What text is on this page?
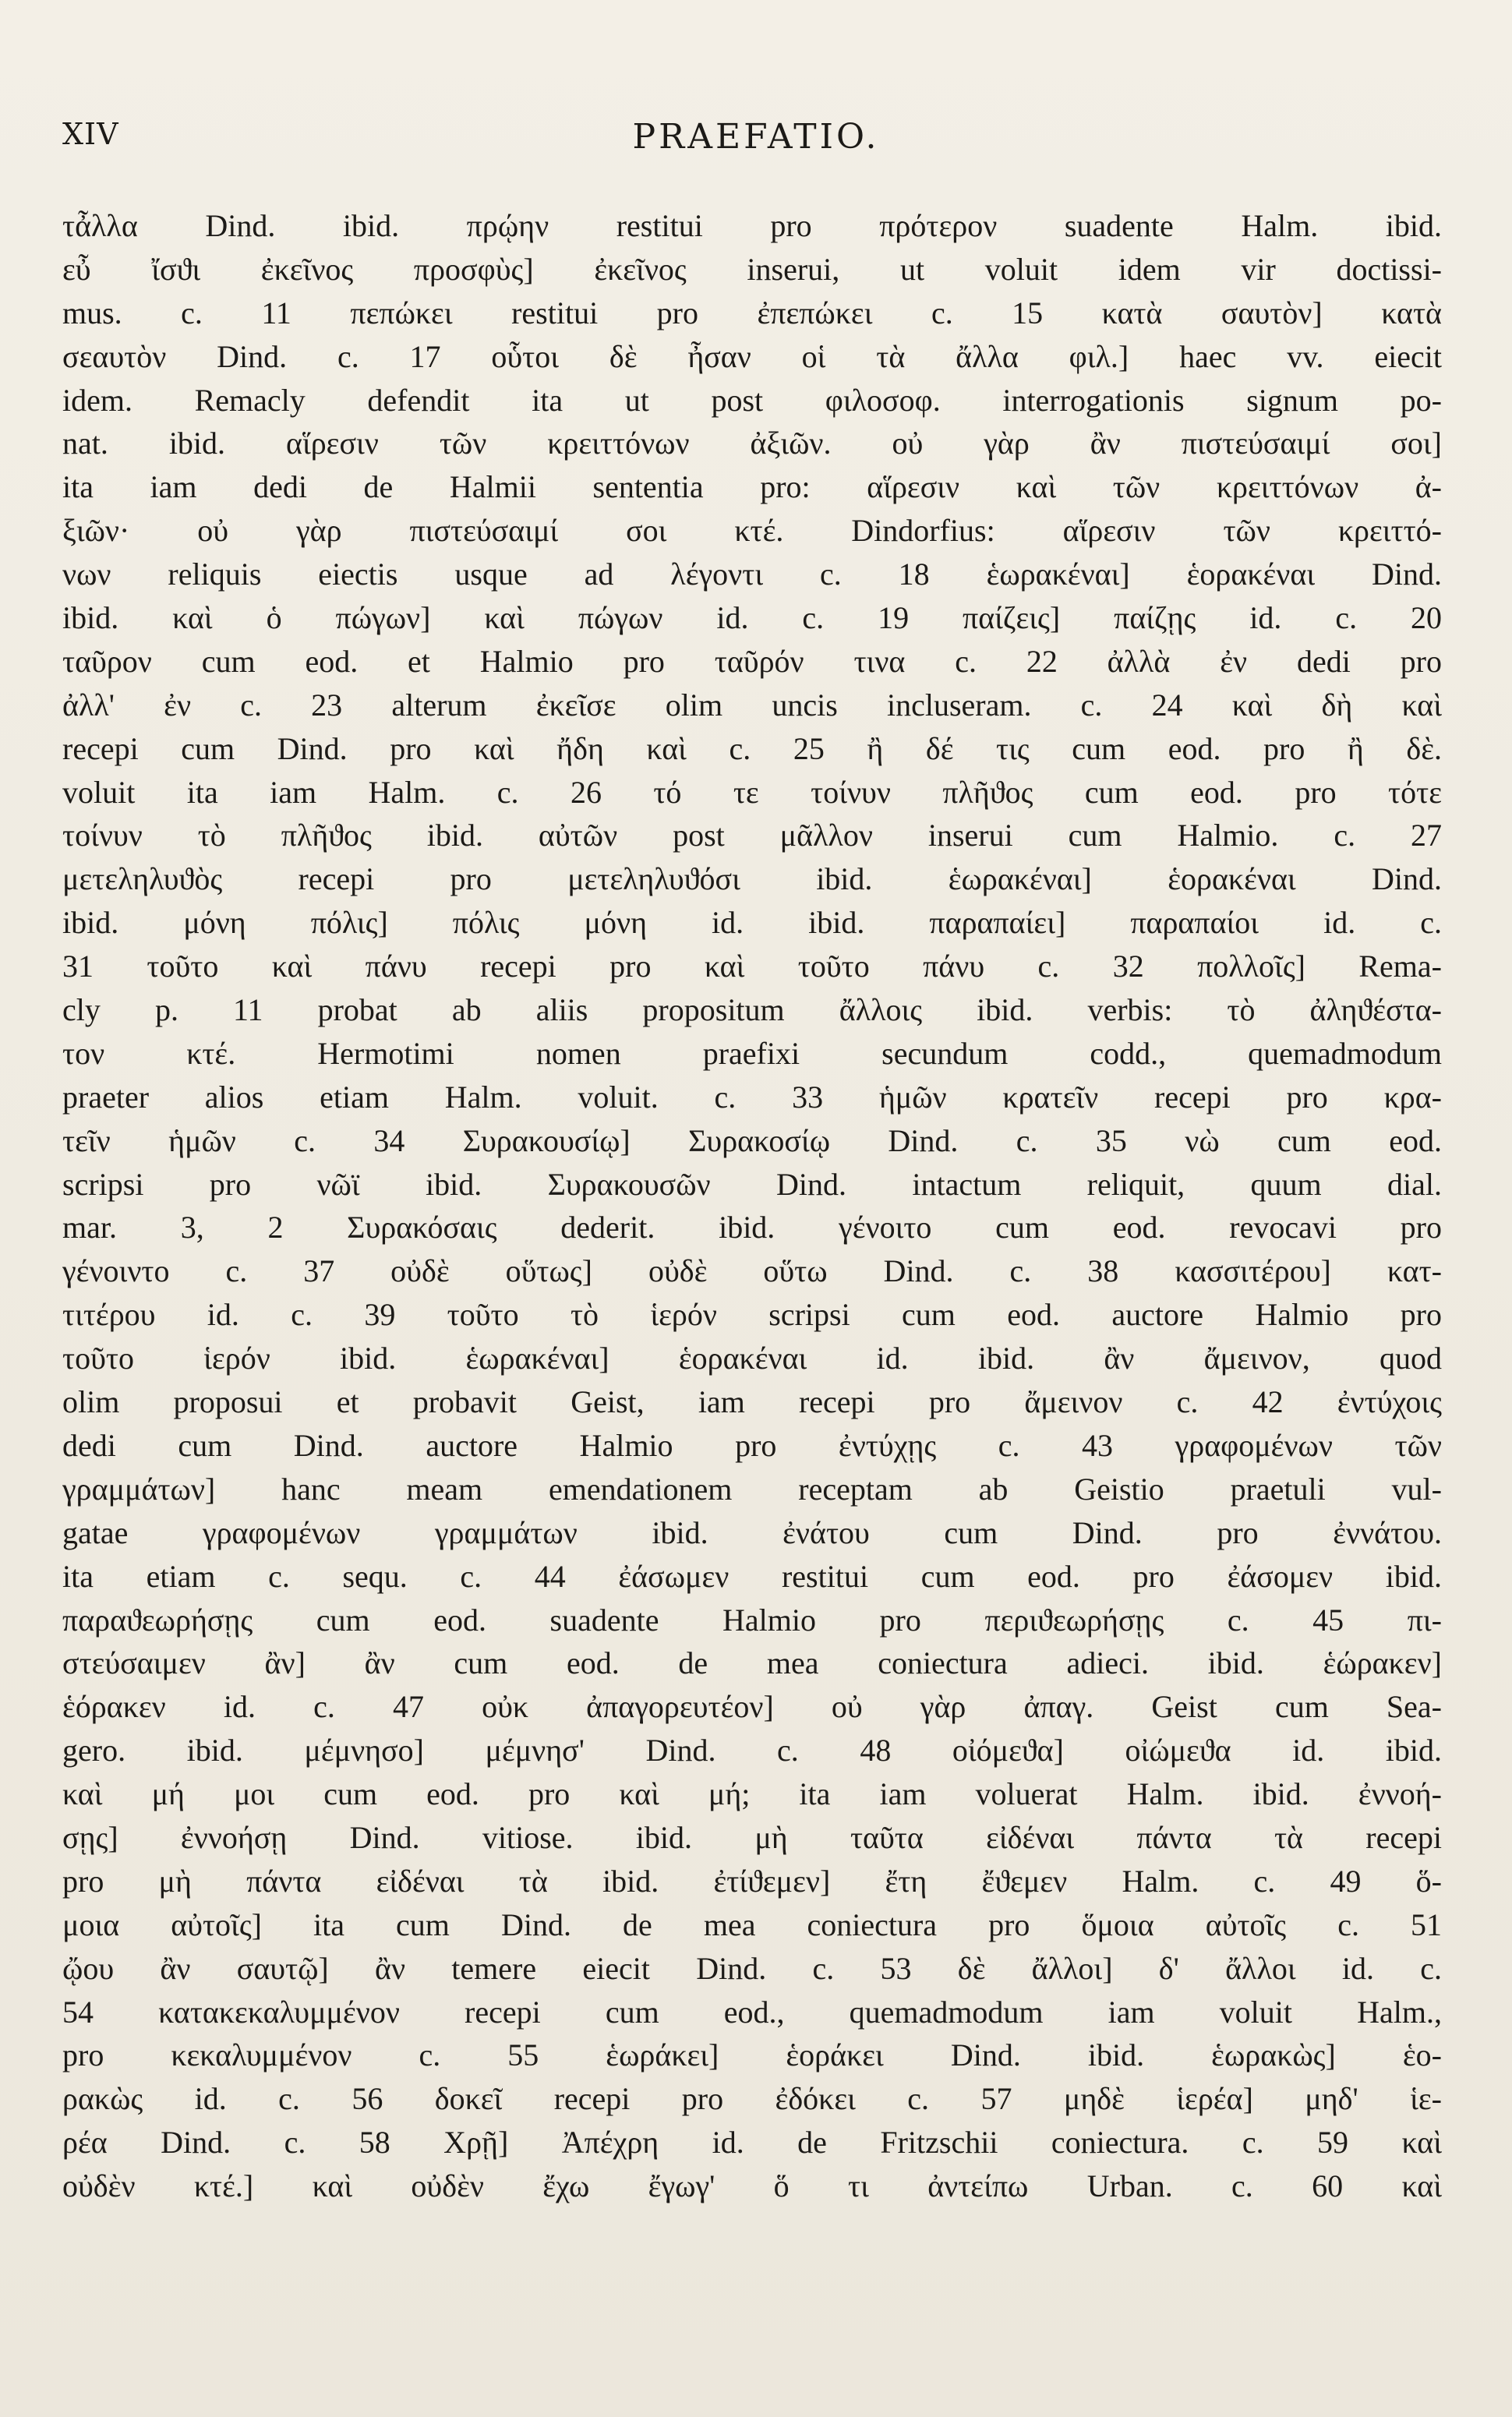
PRAEFATIO.
XIV
τἆλλα Dind. ibid. πρῴην restitui pro πρότερον suadente Halm. ibid.
εὖ ἴσϑι ἐκεῖνος προσφὺς] ἐκεῖνος inserui, ut voluit idem vir doctissi-
mus. c. 11 πεπώκει restitui pro ἐπεπώκει c. 15 κατὰ σαυτὸν] κατὰ
σεαυτὸν Dind. c. 17 οὗτοι δὲ ἦσαν οἱ τὰ ἄλλα φιλ.] haec vv. eiecit
idem. Remacly defendit ita ut post φιλοσοφ. interrogationis signum po-
nat. ibid. αἵρεσιν τῶν κρειττόνων ἀξιῶν. οὐ γὰρ ἂν πιστεύσαιμί σοι]
ita iam dedi de Halmii sententia pro: αἵρεσιν καὶ τῶν κρειττόνων ἀ-
ξιῶν· οὐ γὰρ πιστεύσαιμί σοι κτέ. Dindorfius: αἵρεσιν τῶν κρειττό-
νων reliquis eiectis usque ad λέγοντι c. 18 ἑωρακέναι] ἑορακέναι Dind.
ibid. καὶ ὁ πώγων] καὶ πώγων id. c. 19 παίζεις] παίζῃς id. c. 20
ταῦρον cum eod. et Halmio pro ταῦρόν τινα c. 22 ἀλλὰ ἐν dedi pro
ἀλλ' ἐν c. 23 alterum ἐκεῖσε olim uncis incluseram. c. 24 καὶ δὴ καὶ
recepi cum Dind. pro καὶ ἤδη καὶ c. 25 ἢ δέ τις cum eod. pro ἢ δὲ.
voluit ita iam Halm. c. 26 τό τε τοίνυν πλῆϑος cum eod. pro τότε
τοίνυν τὸ πλῆϑος ibid. αὐτῶν post μᾶλλον inserui cum Halmio. c. 27
μετεληλυϑὸς recepi pro μετεληλυϑόσι ibid. ἑωρακέναι] ἑορακέναι Dind.
ibid. μόνη πόλις] πόλις μόνη id. ibid. παραπαίει] παραπαίοι id. c.
31 τοῦτο καὶ πάνυ recepi pro καὶ τοῦτο πάνυ c. 32 πολλοῖς] Rema-
cly p. 11 probat ab aliis propositum ἄλλοις ibid. verbis: τὸ ἀληϑέστα-
τον κτέ. Hermotimi nomen praefixi secundum codd., quemadmodum
praeter alios etiam Halm. voluit. c. 33 ἡμῶν κρατεῖν recepi pro κρα-
τεῖν ἡμῶν c. 34 Συρακουσίῳ] Συρακοσίῳ Dind. c. 35 νὼ cum eod.
scripsi pro νῶϊ ibid. Συρακουσῶν Dind. intactum reliquit, quum dial.
mar. 3, 2 Συρακόσαις dederit. ibid. γένοιτο cum eod. revocavi pro
γένοιντο c. 37 οὐδὲ οὕτως] οὐδὲ οὕτω Dind. c. 38 κασσιτέρου] κατ-
τιτέρου id. c. 39 τοῦτο τὸ ἱερόν scripsi cum eod. auctore Halmio pro
τοῦτο ἱερόν ibid. ἑωρακέναι] ἑορακέναι id. ibid. ἂν ἄμεινον, quod
olim proposui et probavit Geist, iam recepi pro ἄμεινον c. 42 ἐντύχοις
dedi cum Dind. auctore Halmio pro ἐντύχῃς c. 43 γραφομένων τῶν
γραμμάτων] hanc meam emendationem receptam ab Geistio praetuli vul-
gatae γραφομένων γραμμάτων ibid. ἐνάτου cum Dind. pro ἐννάτου.
ita etiam c. sequ. c. 44 ἐάσωμεν restitui cum eod. pro ἐάσομεν ibid.
παραϑεωρήσῃς cum eod. suadente Halmio pro περιϑεωρήσῃς c. 45 πι-
στεύσαιμεν ἂν] ἂν cum eod. de mea coniectura adieci. ibid. ἑώρακεν]
ἑόρακεν id. c. 47 οὐκ ἀπαγορευτέον] οὐ γὰρ ἀπαγ. Geist cum Sea-
gero. ibid. μέμνησο] μέμνησ' Dind. c. 48 οἰόμεϑα] οἰώμεϑα id. ibid.
καὶ μή μοι cum eod. pro καὶ μή; ita iam voluerat Halm. ibid. ἐννοή-
σῃς] ἐννοήσῃ Dind. vitiose. ibid. μὴ ταῦτα εἰδέναι πάντα τὰ recepi
pro μὴ πάντα εἰδέναι τὰ ibid. ἐτίϑεμεν] ἔτη ἔϑεμεν Halm. c. 49 ὅ-
μοια αὐτοῖς] ita cum Dind. de mea coniectura pro ὅμοια αὐτοῖς c. 51
ᾤου ἂν σαυτῷ] ἂν temere eiecit Dind. c. 53 δὲ ἄλλοι] δ' ἄλλοι id. c.
54 κατακεκαλυμμένον recepi cum eod., quemadmodum iam voluit Halm.,
pro κεκαλυμμένον c. 55 ἑωράκει] ἑοράκει Dind. ibid. ἑωρακὼς] ἑο-
ρακὼς id. c. 56 δοκεῖ recepi pro ἐδόκει c. 57 μηδὲ ἱερέα] μηδ' ἱε-
ρέα Dind. c. 58 Χρῇ] Ἀπέχρη id. de Fritzschii coniectura. c. 59 καὶ
οὐδὲν κτέ.] καὶ οὐδὲν ἔχω ἔγωγ' ὅ τι ἀντείπω Urban. c. 60 καὶ
